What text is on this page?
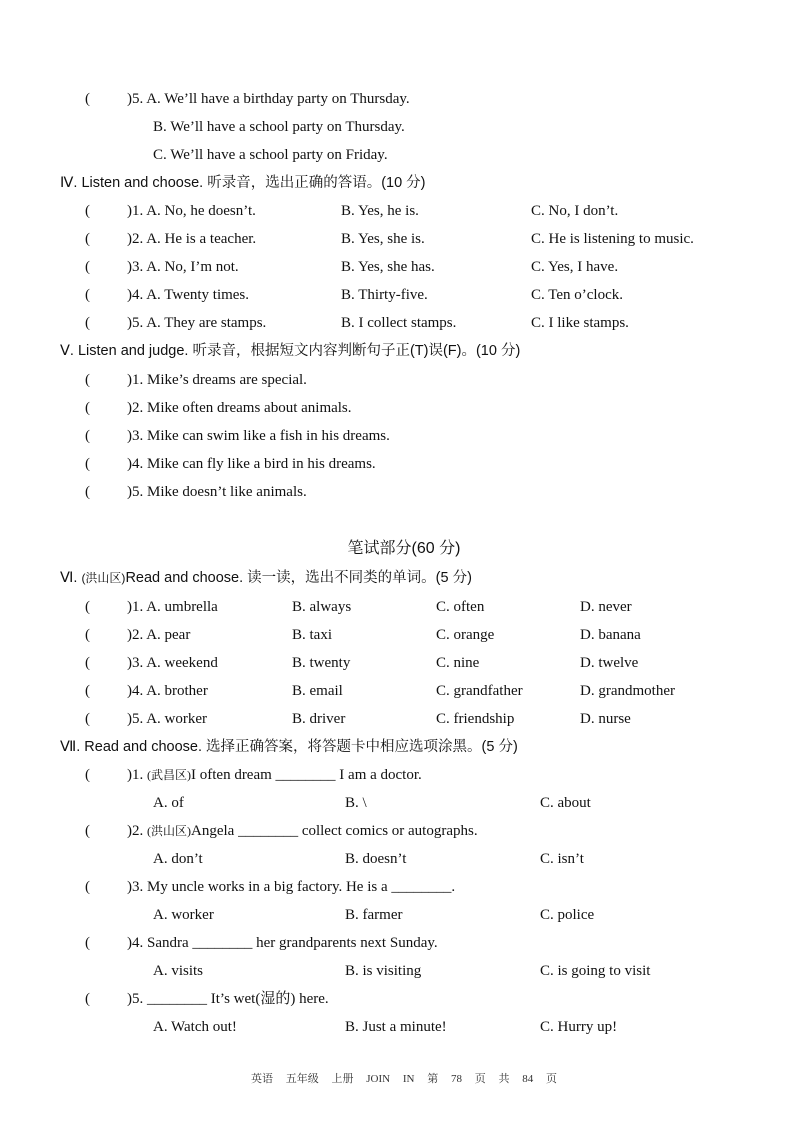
( )5. A. We’ll have a birthday party on Thursday.
B. We’ll have a school party on Thursday.
C. We’ll have a school party on Friday.
Ⅳ. Listen and choose. 听录音，选出正确的答语。(10 分)
Ⅴ. Listen and judge. 听录音，根据短文内容判断句子正(T)误(F)。(10 分)
笔试部分(60 分)
Ⅵ. (洪山区)Read and choose. 读一读，选出不同类的单词。(5 分)
Ⅶ. Read and choose. 选择正确答案，将答题卡中相应选项涂黑。(5 分)
英语 五年级 上册 JOIN IN 第 78 页 共 84 页
( )1. A. No, he doesn’t.	B. Yes, he is.	C. No, I don’t.
( )2. A. He is a teacher.	B. Yes, she is.	C. He is listening to music.
( )3. A. No, I’m not.	B. Yes, she has.	C. Yes, I have.
( )4. A. Twenty times.	B. Thirty-five.	C. Ten o’clock.
( )5. A. They are stamps.	B. I collect stamps.	C. I like stamps.
( )1. Mike’s dreams are special.
( )2. Mike often dreams about animals.
( )3. Mike can swim like a fish in his dreams.
( )4. Mike can fly like a bird in his dreams.
( )5. Mike doesn’t like animals.
( )1. A. umbrella	B. always	C. often	D. never
( )2. A. pear	B. taxi	C. orange	D. banana
( )3. A. weekend	B. twenty	C. nine	D. twelve
( )4. A. brother	B. email	C. grandfather	D. grandmother
( )5. A. worker	B. driver	C. friendship	D. nurse
( )1. (武昌区)I often dream ________ I am a doctor.
A. of	B. \	C. about
( )2. (洪山区)Angela ________ collect comics or autographs.
A. don’t	B. doesn’t	C. isn’t
( )3. My uncle works in a big factory. He is a ________.
A. worker	B. farmer	C. police
( )4. Sandra ________ her grandparents next Sunday.
A. visits	B. is visiting	C. is going to visit
( )5. ________ It’s wet(湿的) here.
A. Watch out!	B. Just a minute!	C. Hurry up!
